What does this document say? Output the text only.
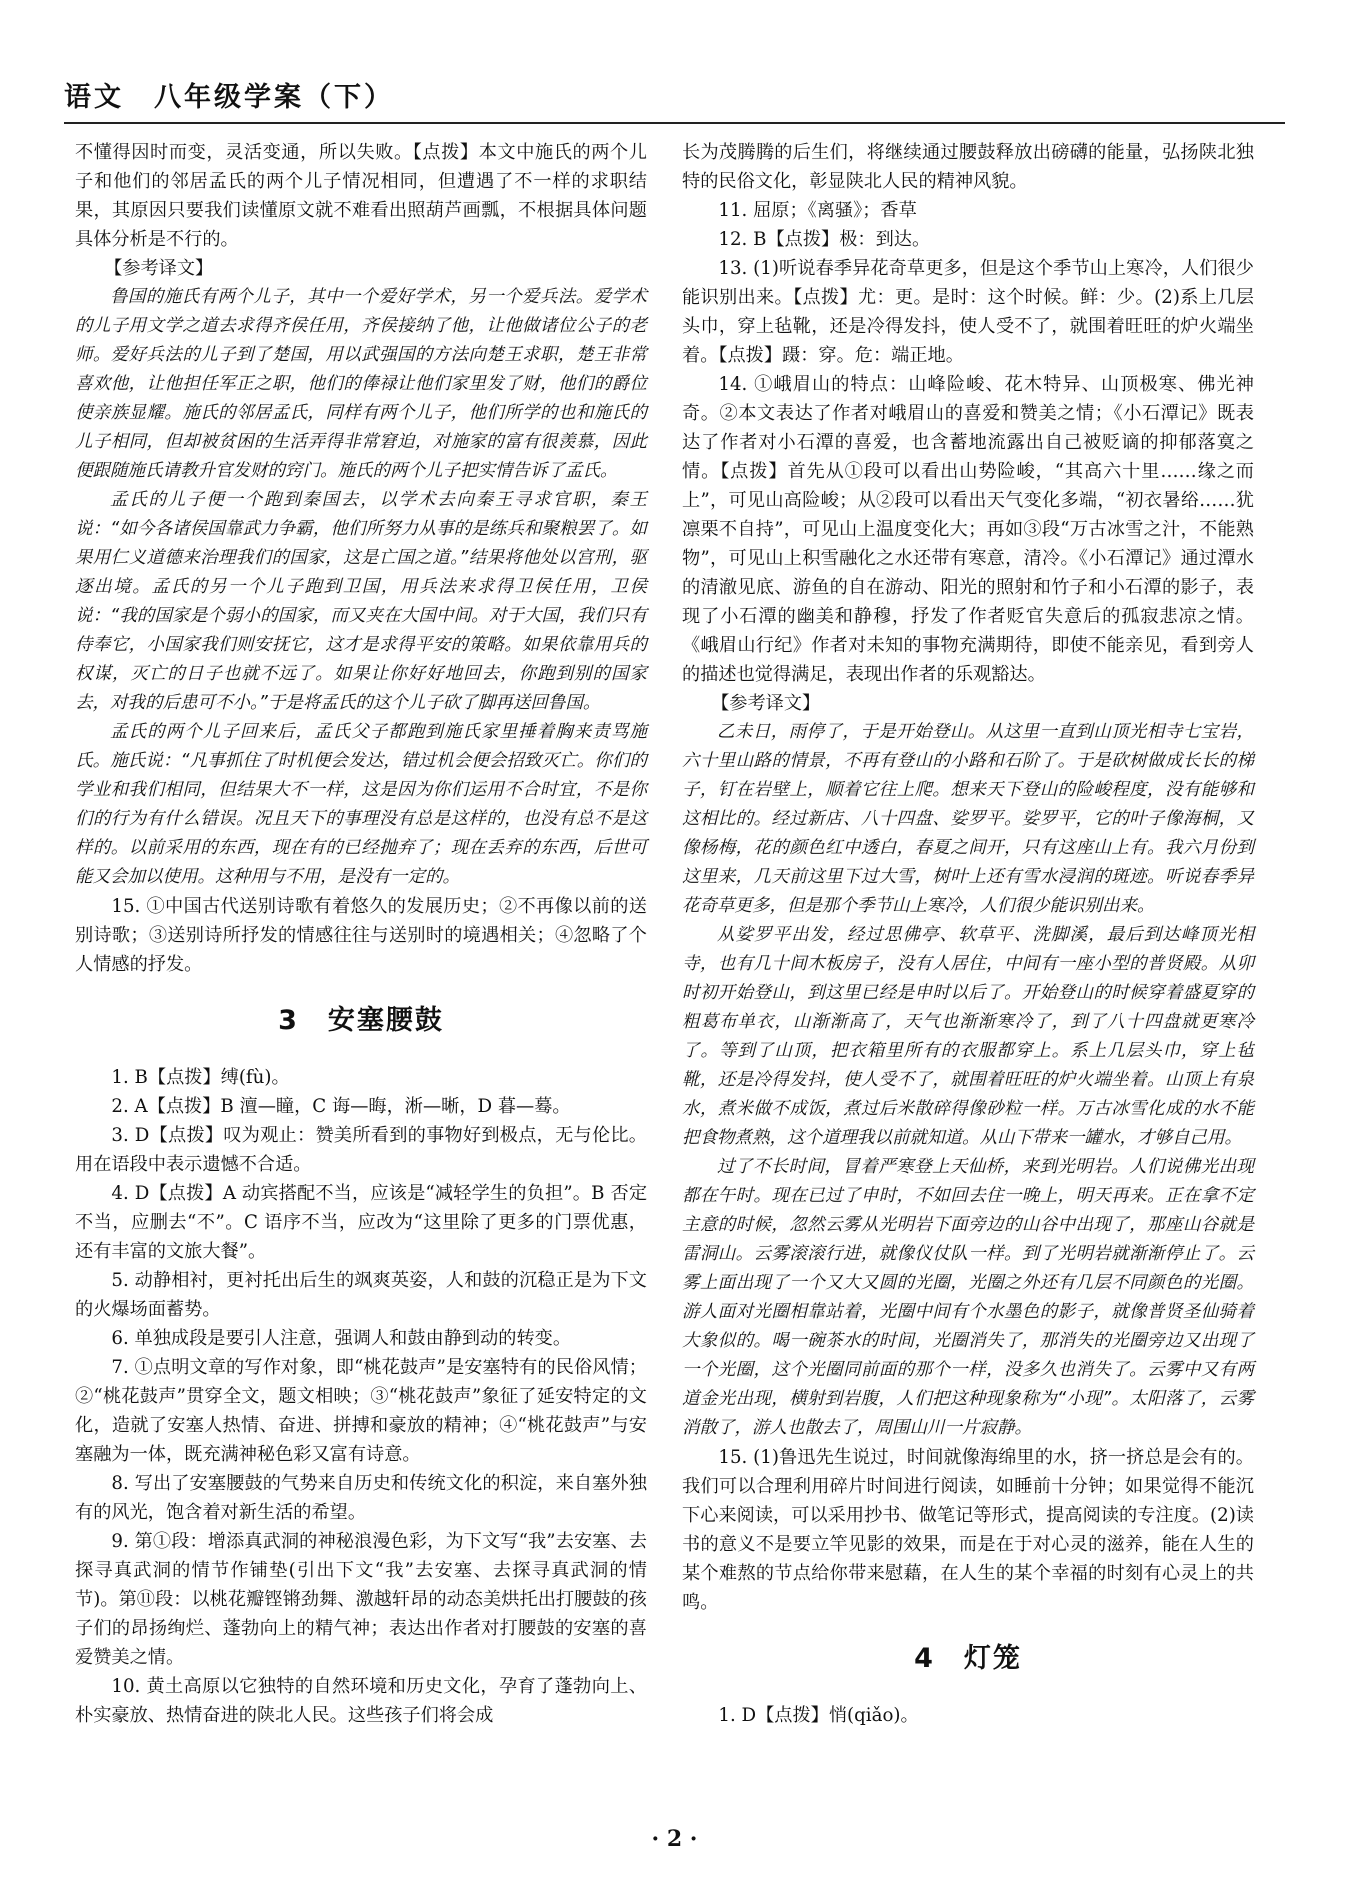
语文　八年级学案（下）

不懂得因时而变，灵活变通，所以失败。【点拨】本文中施氏的两个儿子和他们的邻居孟氏的两个儿子情况相同，但遭遇了不一样的求职结果，其原因只要我们读懂原文就不难看出照葫芦画瓢，不根据具体问题具体分析是不行的。

【参考译文】

鲁国的施氏有两个儿子，其中一个爱好学术，另一个爱兵法。爱学术的儿子用文学之道去求得齐侯任用，齐侯接纳了他，让他做诸位公子的老师。爱好兵法的儿子到了楚国，用以武强国的方法向楚王求职，楚王非常喜欢他，让他担任军正之职，他们的俸禄让他们家里发了财，他们的爵位使亲族显耀。施氏的邻居孟氏，同样有两个儿子，他们所学的也和施氏的儿子相同，但却被贫困的生活弄得非常窘迫，对施家的富有很羡慕，因此便跟随施氏请教升官发财的窍门。施氏的两个儿子把实情告诉了孟氏。

孟氏的儿子便一个跑到秦国去，以学术去向秦王寻求官职，秦王说：“如今各诸侯国靠武力争霸，他们所努力从事的是练兵和聚粮罢了。如果用仁义道德来治理我们的国家，这是亡国之道。”结果将他处以宫刑，驱逐出境。孟氏的另一个儿子跑到卫国，用兵法来求得卫侯任用，卫侯说：“我的国家是个弱小的国家，而又夹在大国中间。对于大国，我们只有侍奉它，小国家我们则安抚它，这才是求得平安的策略。如果依靠用兵的权谋，灭亡的日子也就不远了。如果让你好好地回去，你跑到别的国家去，对我的后患可不小。”于是将孟氏的这个儿子砍了脚再送回鲁国。

孟氏的两个儿子回来后，孟氏父子都跑到施氏家里捶着胸来责骂施氏。施氏说：“凡事抓住了时机便会发达，错过机会便会招致灭亡。你们的学业和我们相同，但结果大不一样，这是因为你们运用不合时宜，不是你们的行为有什么错误。况且天下的事理没有总是这样的，也没有总不是这样的。以前采用的东西，现在有的已经抛弃了；现在丢弃的东西，后世可能又会加以使用。这种用与不用，是没有一定的。

15. ①中国古代送别诗歌有着悠久的发展历史；②不再像以前的送别诗歌；③送别诗所抒发的情感往往与送别时的境遇相关；④忽略了个人情感的抒发。

3　安塞腰鼓

1. B【点拨】缚(fù)。

2. A【点拨】B 澶—瞳，C 诲—晦，淅—晰，D 暮—蓦。

3. D【点拨】叹为观止：赞美所看到的事物好到极点，无与伦比。用在语段中表示遗憾不合适。

4. D【点拨】A 动宾搭配不当，应该是“减轻学生的负担”。B 否定不当，应删去“不”。C 语序不当，应改为“这里除了更多的门票优惠，还有丰富的文旅大餐”。

5. 动静相衬，更衬托出后生的飒爽英姿，人和鼓的沉稳正是为下文的火爆场面蓄势。

6. 单独成段是要引人注意，强调人和鼓由静到动的转变。

7. ①点明文章的写作对象，即“桃花鼓声”是安塞特有的民俗风情；②“桃花鼓声”贯穿全文，题文相映；③“桃花鼓声”象征了延安特定的文化，造就了安塞人热情、奋进、拼搏和豪放的精神；④“桃花鼓声”与安塞融为一体，既充满神秘色彩又富有诗意。

8. 写出了安塞腰鼓的气势来自历史和传统文化的积淀，来自塞外独有的风光，饱含着对新生活的希望。

9. 第①段：增添真武洞的神秘浪漫色彩，为下文写“我”去安塞、去探寻真武洞的情节作铺垫(引出下文“我”去安塞、去探寻真武洞的情节)。第⑪段：以桃花瓣铿锵劲舞、激越轩昂的动态美烘托出打腰鼓的孩子们的昂扬绚烂、蓬勃向上的精气神；表达出作者对打腰鼓的安塞的喜爱赞美之情。

10. 黄土高原以它独特的自然环境和历史文化，孕育了蓬勃向上、朴实豪放、热情奋进的陕北人民。这些孩子们将会成

长为茂腾腾的后生们，将继续通过腰鼓释放出磅礴的能量，弘扬陕北独特的民俗文化，彰显陕北人民的精神风貌。

11. 屈原；《离骚》；香草

12. B【点拨】极：到达。

13. (1)听说春季异花奇草更多，但是这个季节山上寒冷，人们很少能识别出来。【点拨】尤：更。是时：这个时候。鲜：少。(2)系上几层头巾，穿上毡靴，还是冷得发抖，使人受不了，就围着旺旺的炉火端坐着。【点拨】蹑：穿。危：端正地。

14. ①峨眉山的特点：山峰险峻、花木特异、山顶极寒、佛光神奇。②本文表达了作者对峨眉山的喜爱和赞美之情；《小石潭记》既表达了作者对小石潭的喜爱，也含蓄地流露出自己被贬谪的抑郁落寞之情。【点拨】首先从①段可以看出山势险峻，“其高六十里……缘之而上”，可见山高险峻；从②段可以看出天气变化多端，“初衣暑绤……犹凛栗不自持”，可见山上温度变化大；再如③段“万古冰雪之汁，不能熟物”，可见山上积雪融化之水还带有寒意，清冷。《小石潭记》通过潭水的清澈见底、游鱼的自在游动、阳光的照射和竹子和小石潭的影子，表现了小石潭的幽美和静穆，抒发了作者贬官失意后的孤寂悲凉之情。《峨眉山行纪》作者对未知的事物充满期待，即使不能亲见，看到旁人的描述也觉得满足，表现出作者的乐观豁达。

【参考译文】

乙未日，雨停了，于是开始登山。从这里一直到山顶光相寺七宝岩，六十里山路的情景，不再有登山的小路和石阶了。于是砍树做成长长的梯子，钉在岩壁上，顺着它往上爬。想来天下登山的险峻程度，没有能够和这相比的。经过新店、八十四盘、娑罗平。娑罗平，它的叶子像海桐，又像杨梅，花的颜色红中透白，春夏之间开，只有这座山上有。我六月份到这里来，几天前这里下过大雪，树叶上还有雪水浸润的斑迹。听说春季异花奇草更多，但是那个季节山上寒冷，人们很少能识别出来。

从娑罗平出发，经过思佛亭、软草平、洗脚溪，最后到达峰顶光相寺，也有几十间木板房子，没有人居住，中间有一座小型的普贤殿。从卯时初开始登山，到这里已经是申时以后了。开始登山的时候穿着盛夏穿的粗葛布单衣，山渐渐高了，天气也渐渐寒冷了，到了八十四盘就更寒冷了。等到了山顶，把衣箱里所有的衣服都穿上。系上几层头巾，穿上毡靴，还是冷得发抖，使人受不了，就围着旺旺的炉火端坐着。山顶上有泉水，煮米做不成饭，煮过后米散碎得像砂粒一样。万古冰雪化成的水不能把食物煮熟，这个道理我以前就知道。从山下带来一罐水，才够自己用。

过了不长时间，冒着严寒登上天仙桥，来到光明岩。人们说佛光出现都在午时。现在已过了申时，不如回去住一晚上，明天再来。正在拿不定主意的时候，忽然云雾从光明岩下面旁边的山谷中出现了，那座山谷就是雷洞山。云雾滚滚行进，就像仪仗队一样。到了光明岩就渐渐停止了。云雾上面出现了一个又大又圆的光圈，光圈之外还有几层不同颜色的光圈。游人面对光圈相靠站着，光圈中间有个水墨色的影子，就像普贤圣仙骑着大象似的。喝一碗茶水的时间，光圈消失了，那消失的光圈旁边又出现了一个光圈，这个光圈同前面的那个一样，没多久也消失了。云雾中又有两道金光出现，横射到岩腹，人们把这种现象称为“小现”。太阳落了，云雾消散了，游人也散去了，周围山川一片寂静。

15. (1)鲁迅先生说过，时间就像海绵里的水，挤一挤总是会有的。我们可以合理利用碎片时间进行阅读，如睡前十分钟；如果觉得不能沉下心来阅读，可以采用抄书、做笔记等形式，提高阅读的专注度。(2)读书的意义不是要立竿见影的效果，而是在于对心灵的滋养，能在人生的某个难熬的节点给你带来慰藉，在人生的某个幸福的时刻有心灵上的共鸣。

4　灯笼

1. D【点拨】悄(qiǎo)。

· 2 ·
